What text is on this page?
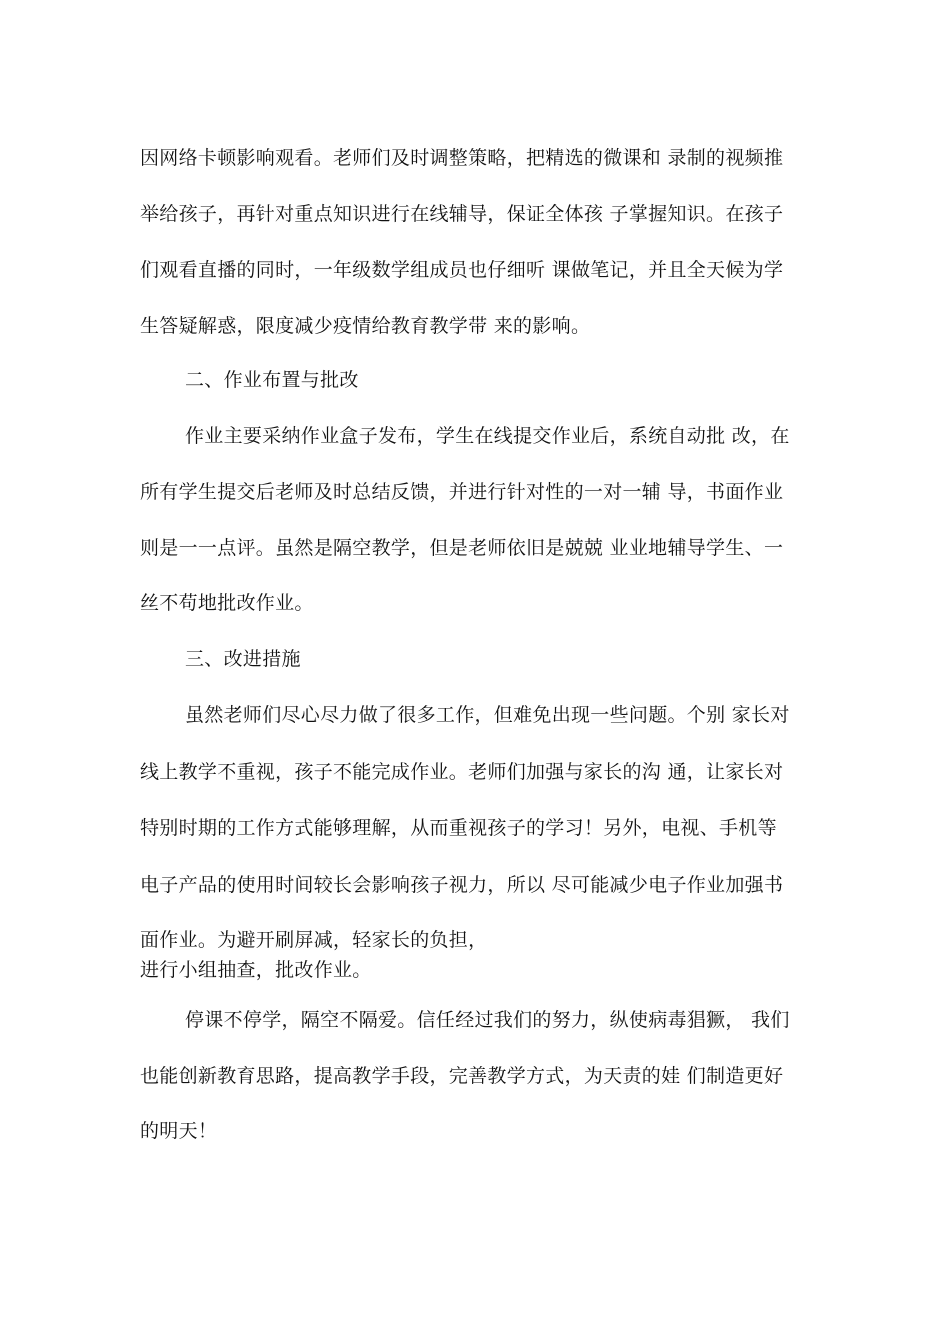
因网络卡顿影响观看。老师们及时调整策略，把精选的微课和 录制的视频推
举给孩子，再针对重点知识进行在线辅导，保证全体孩 子掌握知识。在孩子
们观看直播的同时，一年级数学组成员也仔细听 课做笔记，并且全天候为学
生答疑解惑，限度减少疫情给教育教学带 来的影响。
二、作业布置与批改
作业主要采纳作业盒子发布，学生在线提交作业后，系统自动批 改，在
所有学生提交后老师及时总结反馈，并进行针对性的一对一辅 导，书面作业
则是一一点评。虽然是隔空教学，但是老师依旧是兢兢 业业地辅导学生、一
丝不苟地批改作业。
三、改进措施
虽然老师们尽心尽力做了很多工作，但难免出现一些问题。个别 家长对
线上教学不重视，孩子不能完成作业。老师们加强与家长的沟 通，让家长对
特别时期的工作方式能够理解，从而重视孩子的学习！另外，电视、手机等
电子产品的使用时间较长会影响孩子视力，所以 尽可能减少电子作业加强书
面作业。为避开刷屏减，轻家长的负担，
进行小组抽查，批改作业。
停课不停学，隔空不隔爱。信任经过我们的努力，纵使病毒猖獗， 我们
也能创新教育思路，提高教学手段，完善教学方式，为天责的娃 们制造更好
的明天！
